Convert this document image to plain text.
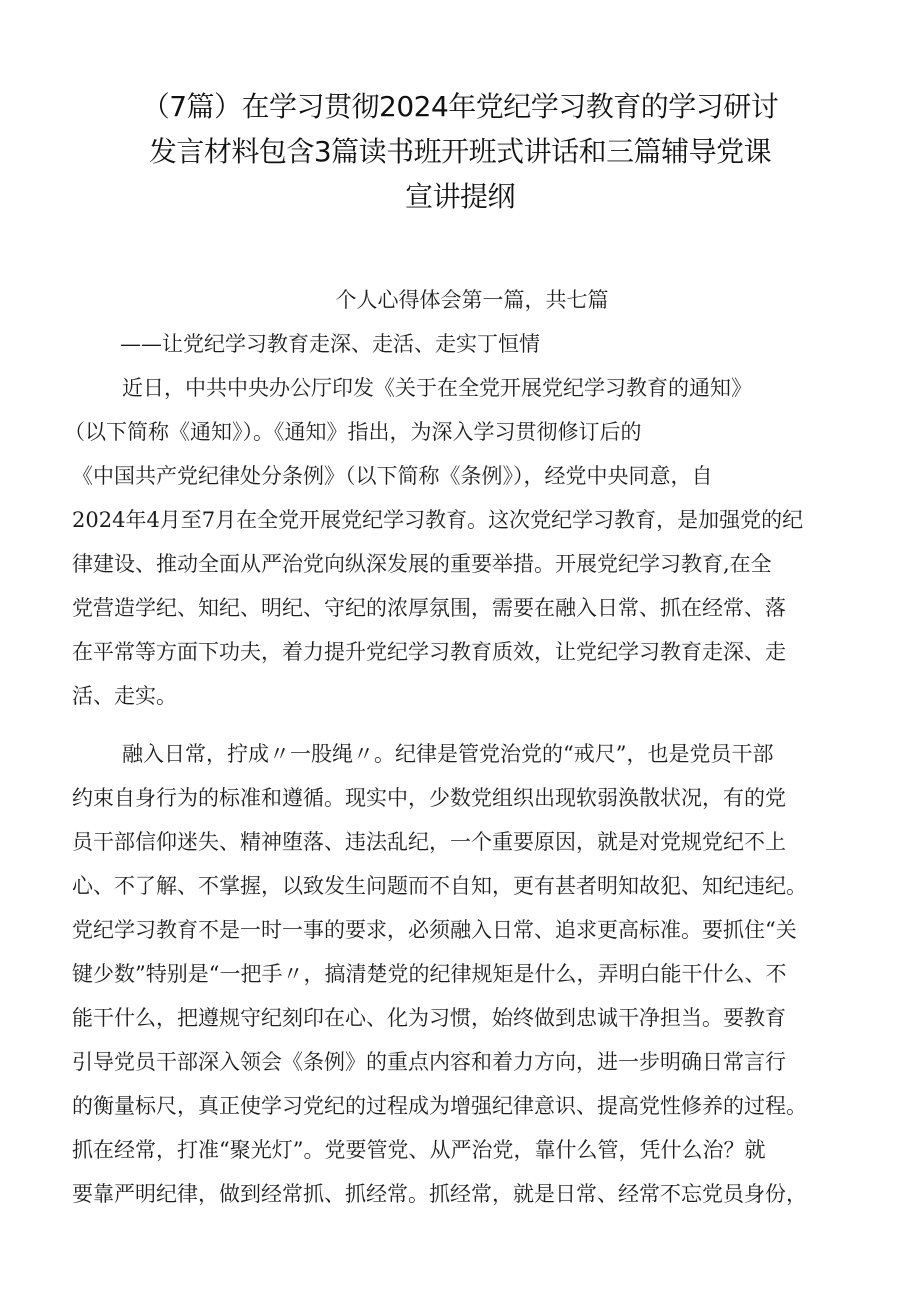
（7篇）在学习贯彻2024年党纪学习教育的学习研讨
发言材料包含3篇读书班开班式讲话和三篇辅导党课
宣讲提纲
个人心得体会第一篇，共七篇
——让党纪学习教育走深、走活、走实丁恒情
近日，中共中央办公厅印发《关于在全党开展党纪学习教育的通知》
（以下简称《通知》）。《通知》指出，为深入学习贯彻修订后的
《中国共产党纪律处分条例》（以下简称《条例》），经党中央同意，自
2024年4月至7月在全党开展党纪学习教育。这次党纪学习教育，是加强党的纪
律建设、推动全面从严治党向纵深发展的重要举措。开展党纪学习教育,在全
党营造学纪、知纪、明纪、守纪的浓厚氛围，需要在融入日常、抓在经常、落
在平常等方面下功夫，着力提升党纪学习教育质效，让党纪学习教育走深、走
活、走实。
融入日常，拧成〃一股绳〃。纪律是管党治党的“戒尺”，也是党员干部
约束自身行为的标准和遵循。现实中，少数党组织出现软弱涣散状况，有的党
员干部信仰迷失、精神堕落、违法乱纪，一个重要原因，就是对党规党纪不上
心、不了解、不掌握，以致发生问题而不自知，更有甚者明知故犯、知纪违纪。
党纪学习教育不是一时一事的要求，必须融入日常、追求更高标准。要抓住“关
键少数”特别是“一把手〃，搞清楚党的纪律规矩是什么，弄明白能干什么、不
能干什么，把遵规守纪刻印在心、化为习惯，始终做到忠诚干净担当。要教育
引导党员干部深入领会《条例》的重点内容和着力方向，进一步明确日常言行
的衡量标尺，真正使学习党纪的过程成为增强纪律意识、提高党性修养的过程。
抓在经常，打准“聚光灯”。党要管党、从严治党，靠什么管，凭什么治？就
要靠严明纪律，做到经常抓、抓经常。抓经常，就是日常、经常不忘党员身份，
